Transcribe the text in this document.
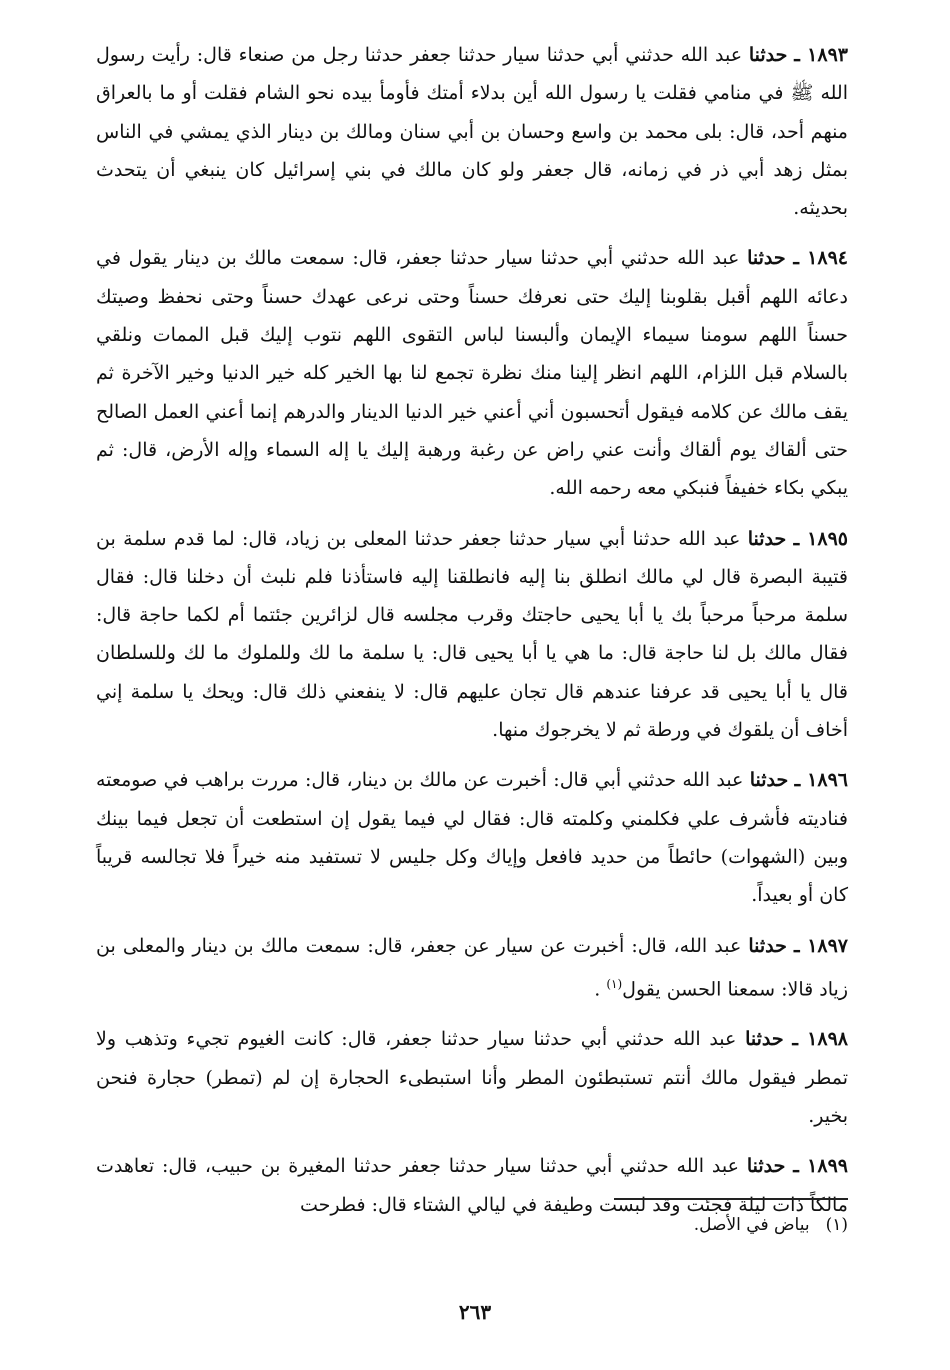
١٨٩٣ ـ حدثنا عبد الله حدثني أبي حدثنا سيار حدثنا جعفر حدثنا رجل من صنعاء قال: رأيت رسول الله ﷺ في منامي فقلت يا رسول الله أين بدلاء أمتك فأومأ بيده نحو الشام فقلت أو ما بالعراق منهم أحد، قال: بلى محمد بن واسع وحسان بن أبي سنان ومالك بن دينار الذي يمشي في الناس بمثل زهد أبي ذر في زمانه، قال جعفر ولو كان مالك في بني إسرائيل كان ينبغي أن يتحدث بحديثه.

١٨٩٤ ـ حدثنا عبد الله حدثني أبي حدثنا سيار حدثنا جعفر، قال: سمعت مالك بن دينار يقول في دعائه اللهم أقبل بقلوبنا إليك حتى نعرفك حسناً وحتى نرعى عهدك حسناً وحتى نحفظ وصيتك حسناً اللهم سومنا سيماء الإيمان وألبسنا لباس التقوى اللهم نتوب إليك قبل الممات ونلقي بالسلام قبل اللزام، اللهم انظر إلينا منك نظرة تجمع لنا بها الخير كله خير الدنيا وخير الآخرة ثم يقف مالك عن كلامه فيقول أتحسبون أني أعني خير الدنيا الدينار والدرهم إنما أعني العمل الصالح حتى ألقاك يوم ألقاك وأنت عني راض عن رغبة ورهبة إليك يا إله السماء وإله الأرض، قال: ثم يبكي بكاء خفيفاً فنبكي معه رحمه الله.

١٨٩٥ ـ حدثنا عبد الله حدثنا أبي سيار حدثنا جعفر حدثنا المعلى بن زياد، قال: لما قدم سلمة بن قتيبة البصرة قال لي مالك انطلق بنا إليه فانطلقنا إليه فاستأذنا فلم نلبث أن دخلنا قال: فقال سلمة مرحباً مرحباً بك يا أبا يحيى حاجتك وقرب مجلسه قال لزائرين جئتما أم لكما حاجة قال: فقال مالك بل لنا حاجة قال: ما هي يا أبا يحيى قال: يا سلمة ما لك وللملوك ما لك وللسلطان قال يا أبا يحيى قد عرفنا عندهم قال تجان عليهم قال: لا ينفعني ذلك قال: ويحك يا سلمة إني أخاف أن يلقوك في ورطة ثم لا يخرجوك منها.

١٨٩٦ ـ حدثنا عبد الله حدثني أبي قال: أخبرت عن مالك بن دينار، قال: مررت براهب في صومعته فناديته فأشرف علي فكلمني وكلمته قال: فقال لي فيما يقول إن استطعت أن تجعل فيما بينك وبين (الشهوات) حائطاً من حديد فافعل وإياك وكل جليس لا تستفيد منه خيراً فلا تجالسه قريباً كان أو بعيداً.

١٨٩٧ ـ حدثنا عبد الله، قال: أخبرت عن سيار عن جعفر، قال: سمعت مالك بن دينار والمعلى بن زياد قالا: سمعنا الحسن يقول$^{(١)}$ .

١٨٩٨ ـ حدثنا عبد الله حدثني أبي حدثنا سيار حدثنا جعفر، قال: كانت الغيوم تجيء وتذهب ولا تمطر فيقول مالك أنتم تستبطئون المطر وأنا استبطىء الحجارة إن لم (تمطر) حجارة فنحن بخير.

١٨٩٩ ـ حدثنا عبد الله حدثني أبي حدثنا سيار حدثنا جعفر حدثنا المغيرة بن حبيب، قال: تعاهدت مالكاً ذات ليلة فجئت وقد لبست وطيفة في ليالي الشتاء قال: فطرحت

(١)بياض في الأصل.
٢٦٣
